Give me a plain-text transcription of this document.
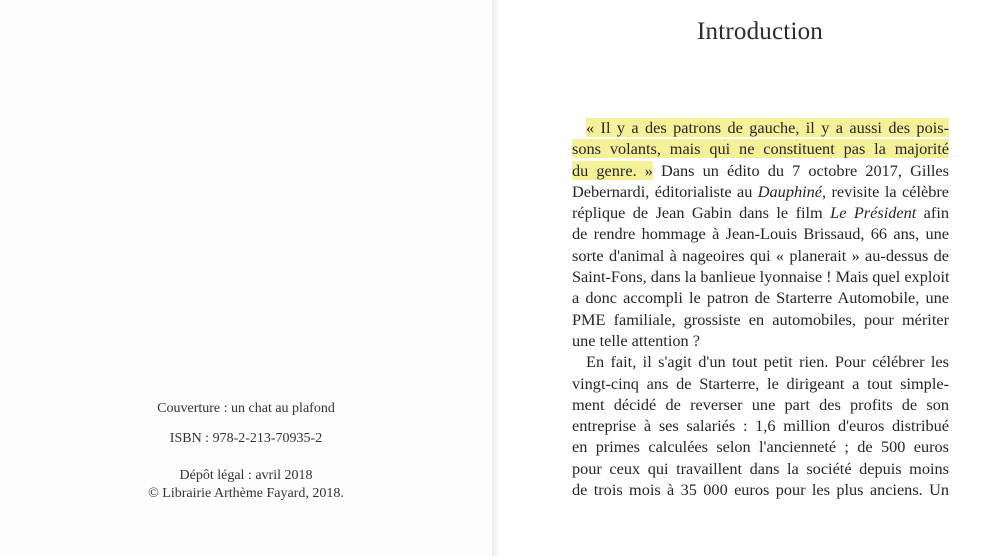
Couverture : un chat au plafond
ISBN : 978-2-213-70935-2
Dépôt légal : avril 2018
© Librairie Arthème Fayard, 2018.
Introduction
« Il y a des patrons de gauche, il y a aussi des pois-
sons volants, mais qui ne constituent pas la majorité
du genre. » Dans un édito du 7 octobre 2017, Gilles
Debernardi, éditorialiste au Dauphiné, revisite la célèbre
réplique de Jean Gabin dans le film Le Président afin
de rendre hommage à Jean-Louis Brissaud, 66 ans, une
sorte d'animal à nageoires qui « planerait » au-dessus de
Saint-Fons, dans la banlieue lyonnaise ! Mais quel exploit
a donc accompli le patron de Starterre Automobile, une
PME familiale, grossiste en automobiles, pour mériter
une telle attention ?
En fait, il s'agit d'un tout petit rien. Pour célébrer les
vingt-cinq ans de Starterre, le dirigeant a tout simple-
ment décidé de reverser une part des profits de son
entreprise à ses salariés : 1,6 million d'euros distribué
en primes calculées selon l'ancienneté ; de 500 euros
pour ceux qui travaillent dans la société depuis moins
de trois mois à 35 000 euros pour les plus anciens. Un
